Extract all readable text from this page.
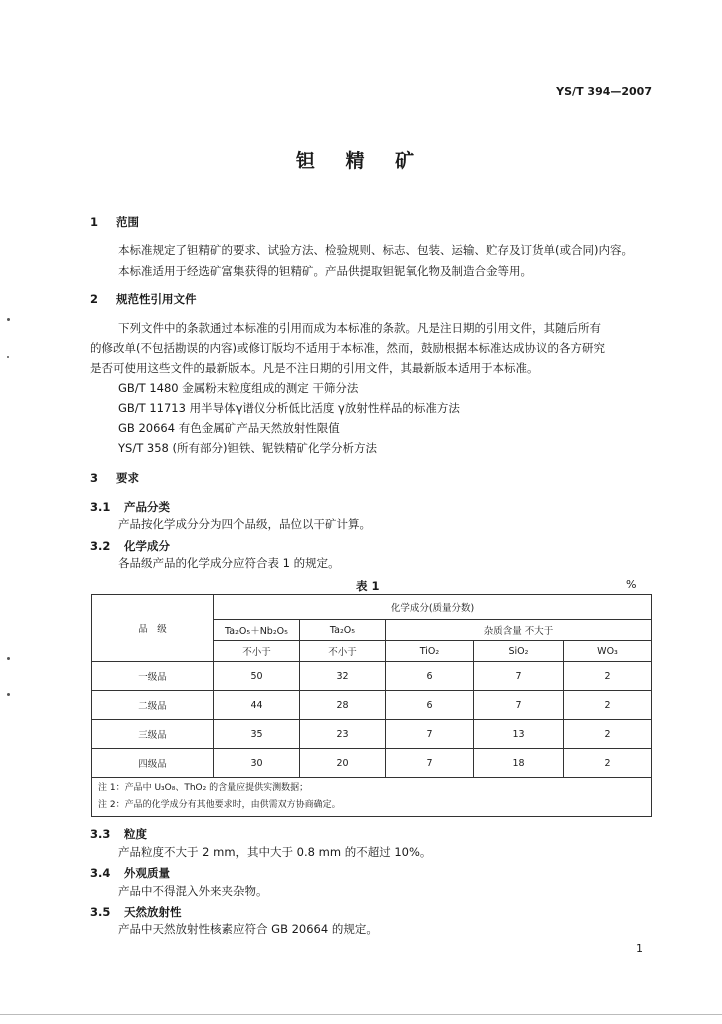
YS/T 394—2007
钽 精 矿
1 范围
本标准规定了钽精矿的要求、试验方法、检验规则、标志、包装、运输、贮存及订货单(或合同)内容。
本标准适用于经选矿富集获得的钽精矿。产品供提取钽铌氧化物及制造合金等用。
2 规范性引用文件
下列文件中的条款通过本标准的引用而成为本标准的条款。凡是注日期的引用文件，其随后所有
的修改单(不包括勘误的内容)或修订版均不适用于本标准，然而，鼓励根据本标准达成协议的各方研究
是否可使用这些文件的最新版本。凡是不注日期的引用文件，其最新版本适用于本标准。
GB/T 1480 金属粉末粒度组成的测定 干筛分法
GB/T 11713 用半导体γ谱仪分析低比活度 γ放射性样品的标准方法
GB 20664 有色金属矿产品天然放射性限值
YS/T 358 (所有部分)钽铁、铌铁精矿化学分析方法
3 要求
3.1 产品分类
产品按化学成分分为四个品级，品位以干矿计算。
3.2 化学成分
各品级产品的化学成分应符合表 1 的规定。
表 1	%
品　级	化学成分(质量分数)				
	Ta₂O₅＋Nb₂O₅	Ta₂O₅	杂质含量 不大于		
	不小于	不小于	TiO₂	SiO₂	WO₃
一级品	50	32	6	7	2
二级品	44	28	6	7	2
三级品	35	23	7	13	2
四级品	30	20	7	18	2

注 1：产品中 U₃O₈、ThO₂ 的含量应提供实测数据；
注 2：产品的化学成分有其他要求时，由供需双方协商确定。					
3.3 粒度
产品粒度不大于 2 mm，其中大于 0.8 mm 的不超过 10%。
3.4 外观质量
产品中不得混入外来夹杂物。
3.5 天然放射性
产品中天然放射性核素应符合 GB 20664 的规定。
1
